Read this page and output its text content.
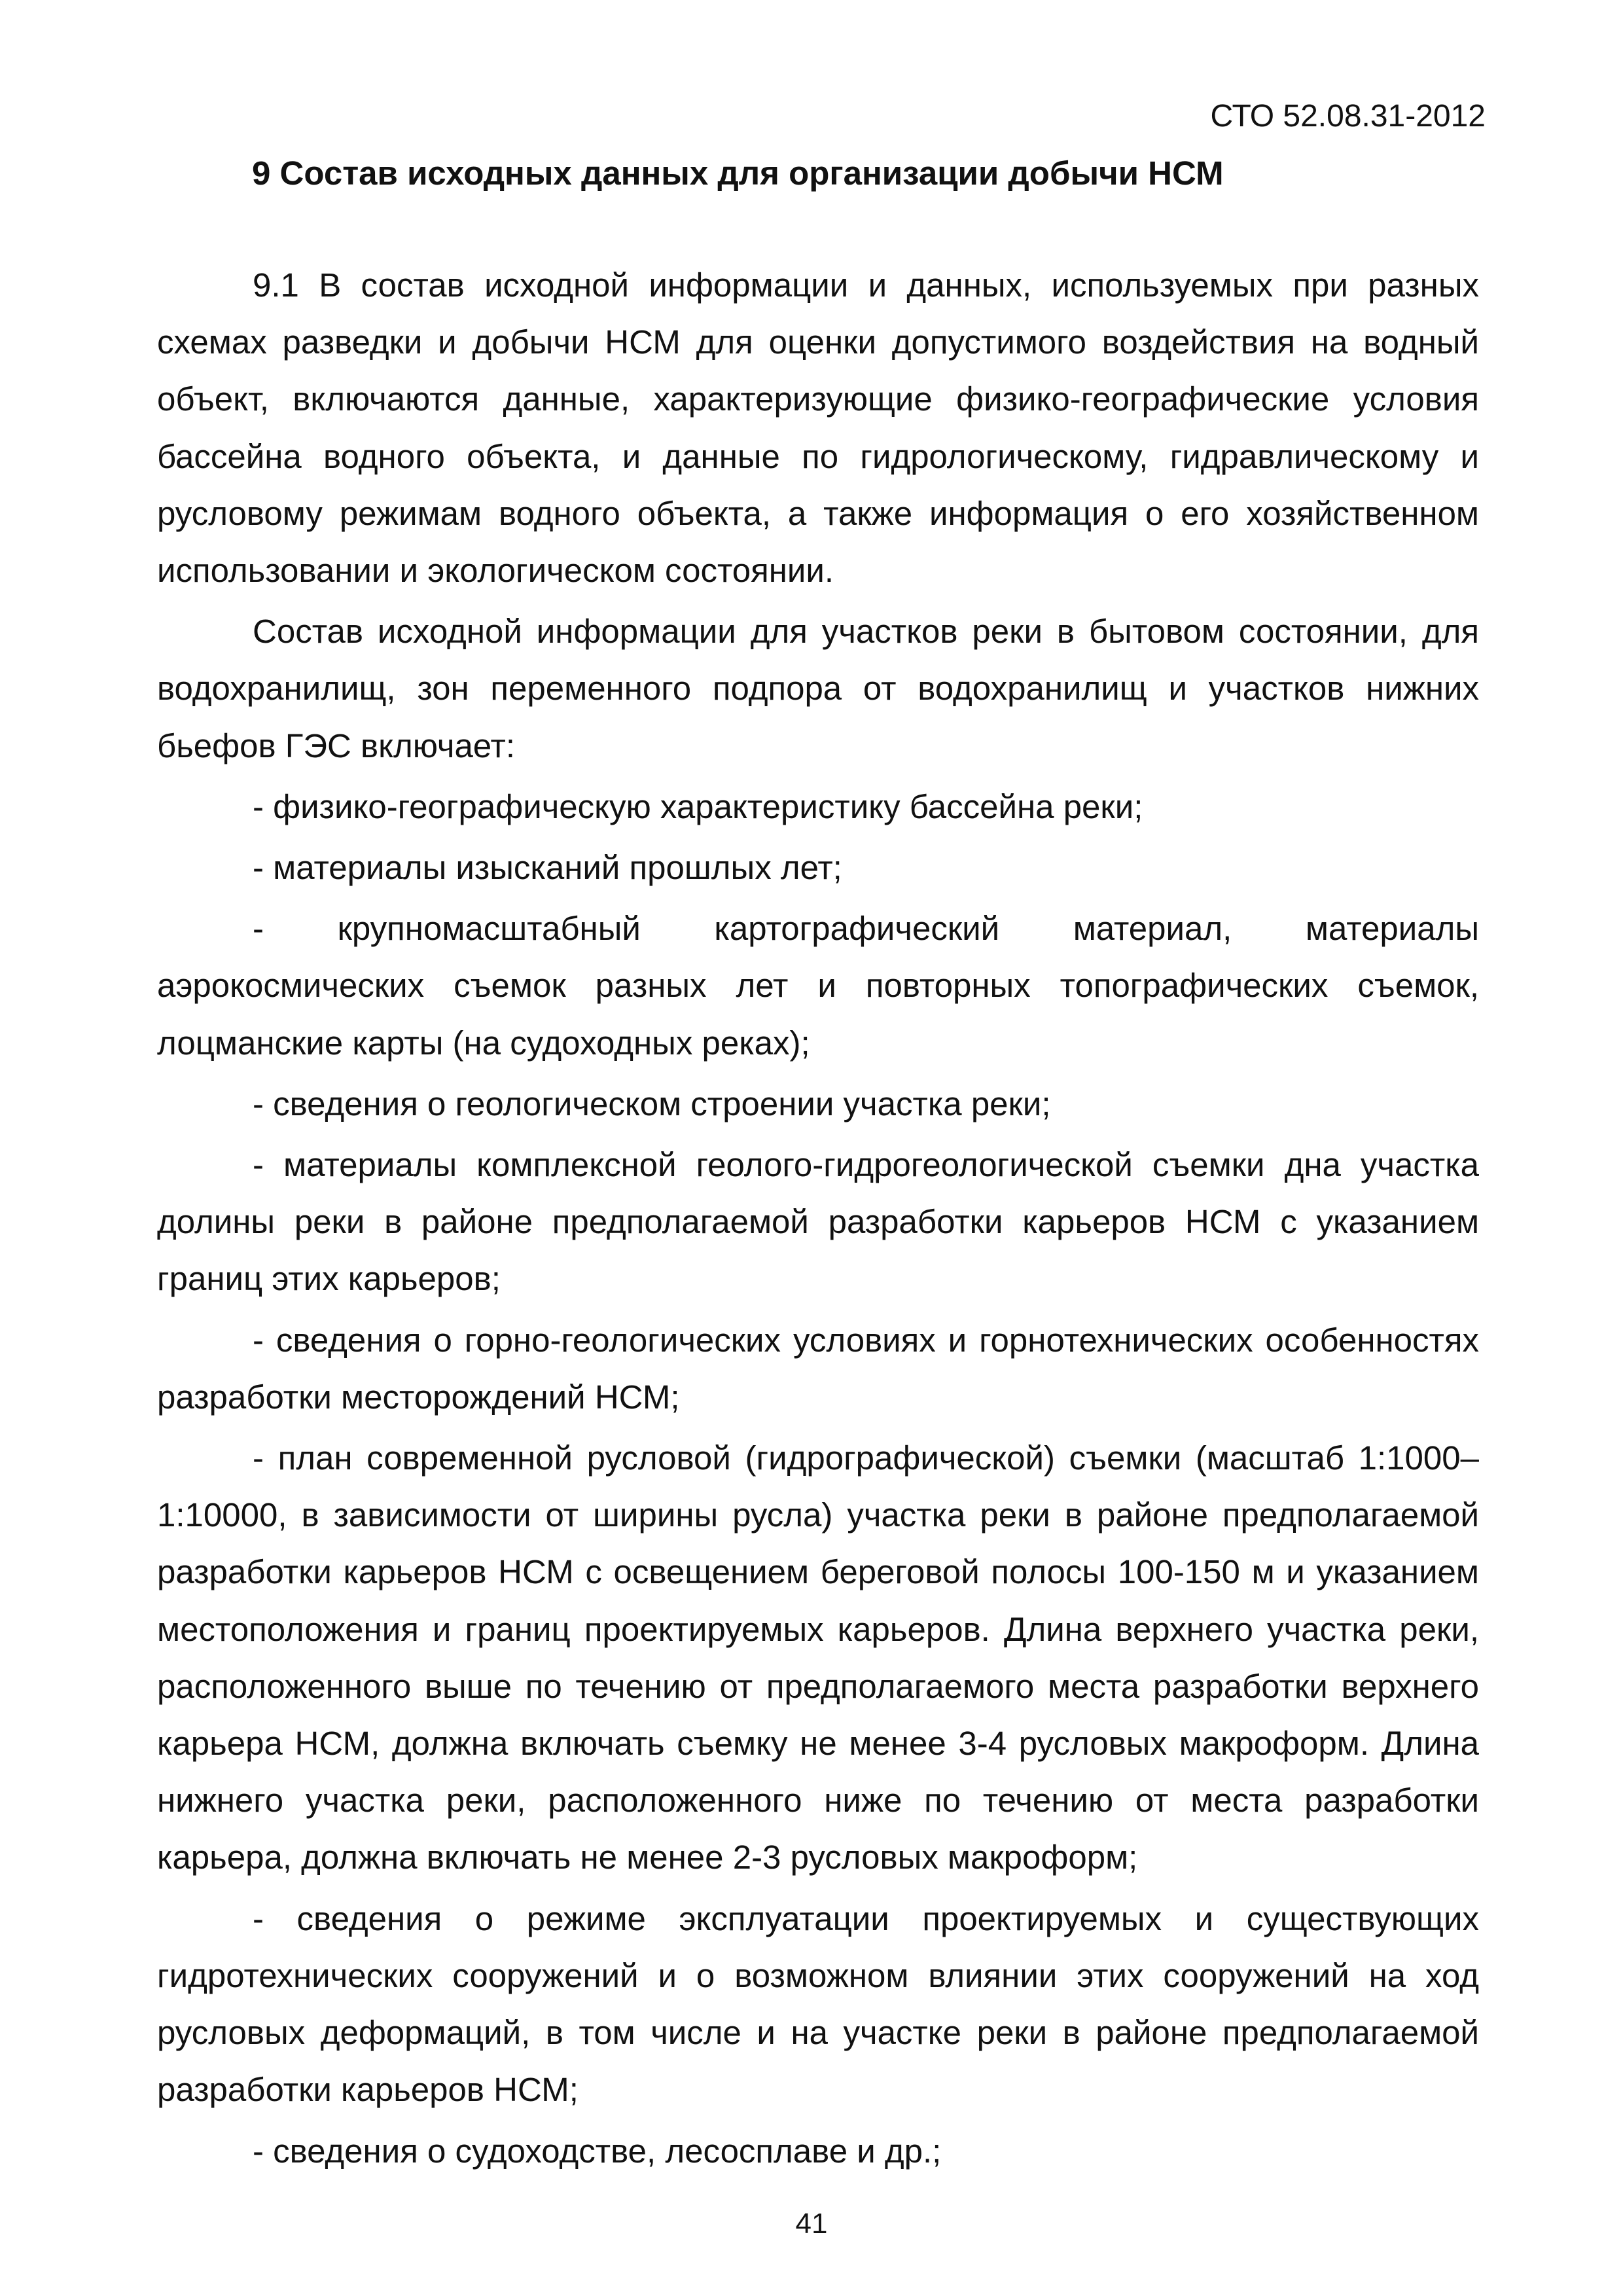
СТО 52.08.31-2012

9 Состав исходных данных для организации добычи НСМ

9.1 В состав исходной информации и данных, используемых при разных схемах разведки и добычи НСМ для оценки допустимого воздействия на водный объект, включаются данные, характеризующие физико-географические условия бассейна водного объекта, и данные по гидрологическому, гидравлическому и русловому режимам водного объекта, а также информация о его хозяйственном использовании и экологическом состоянии.

Состав исходной информации для участков реки в бытовом состоянии, для водохранилищ, зон переменного подпора от водохранилищ и участков нижних бьефов ГЭС включает:

- физико-географическую характеристику бассейна реки;

- материалы изысканий прошлых лет;

- крупномасштабный картографический материал, материалы аэрокосмических съемок разных лет и повторных топографических съемок, лоцманские карты (на судоходных реках);

- сведения о геологическом строении участка реки;

- материалы комплексной геолого-гидрогеологической съемки дна участка долины реки в районе предполагаемой разработки карьеров НСМ с указанием границ этих карьеров;

- сведения о горно-геологических условиях и горнотехнических особенностях разработки месторождений НСМ;

- план современной русловой (гидрографической) съемки (масштаб 1:1000–1:10000, в зависимости от ширины русла) участка реки в районе предполагаемой разработки карьеров НСМ с освещением береговой полосы 100-150 м и указанием местоположения и границ проектируемых карьеров. Длина верхнего участка реки, расположенного выше по течению от предполагаемого места разработки верхнего карьера НСМ, должна включать съемку не менее 3-4 русловых макроформ. Длина нижнего участка реки, расположенного ниже по течению от места разработки карьера, должна включать не менее 2-3 русловых макроформ;

- сведения о режиме эксплуатации проектируемых и существующих гидротехнических сооружений и о возможном влиянии этих сооружений на ход русловых деформаций, в том числе и на участке реки в районе предполагаемой разработки карьеров НСМ;

- сведения о судоходстве, лесосплаве и др.;

41
